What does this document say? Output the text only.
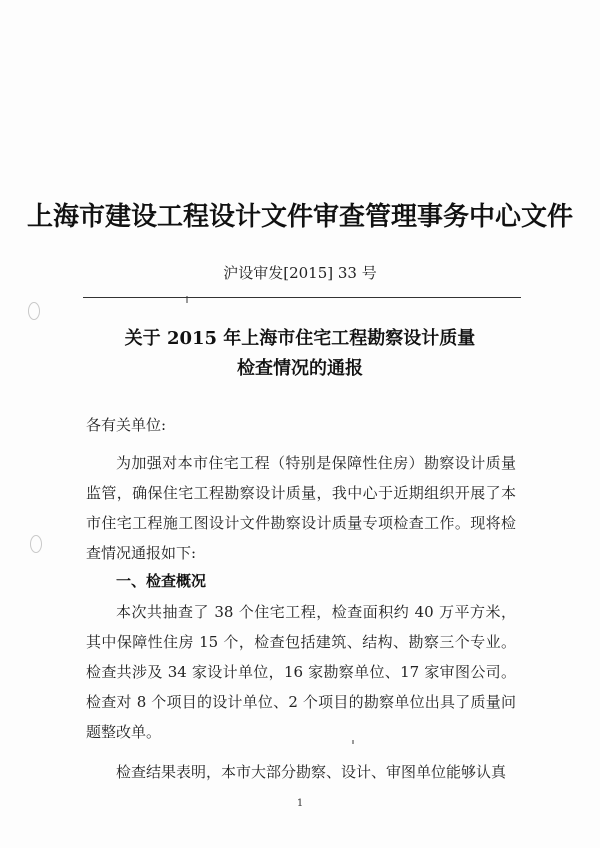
上海市建设工程设计文件审查管理事务中心文件
沪设审发[2015] 33 号
关于 2015 年上海市住宅工程勘察设计质量
检查情况的通报
各有关单位:
为加强对本市住宅工程（特别是保障性住房）勘察设计质量监管，确保住宅工程勘察设计质量，我中心于近期组织开展了本市住宅工程施工图设计文件勘察设计质量专项检查工作。现将检查情况通报如下:
一、检查概况
本次共抽查了 38 个住宅工程，检查面积约 40 万平方米，其中保障性住房 15 个，检查包括建筑、结构、勘察三个专业。检查共涉及 34 家设计单位，16 家勘察单位、17 家审图公司。检查对 8 个项目的设计单位、2 个项目的勘察单位出具了质量问题整改单。
检查结果表明，本市大部分勘察、设计、审图单位能够认真
1
